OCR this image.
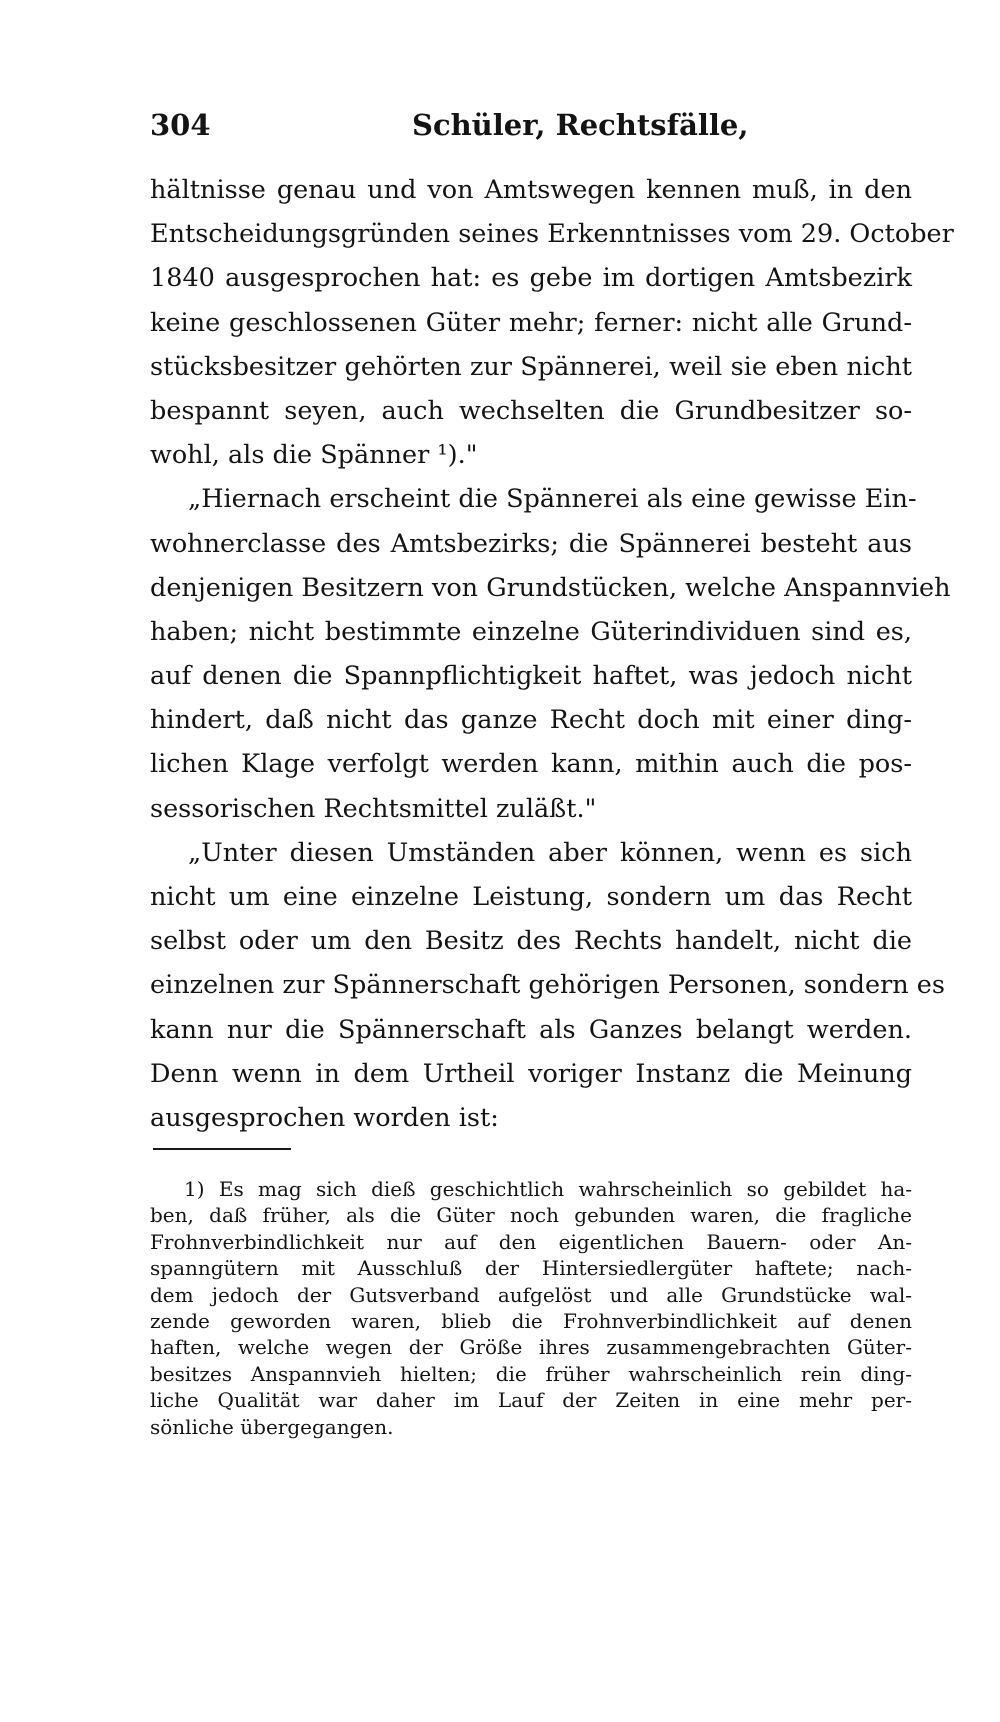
304	Schüler, Rechtsfälle,
hältnisse genau und von Amtswegen kennen muß, in den
Entscheidungsgründen seines Erkenntnisses vom 29. October
1840 ausgesprochen hat: es gebe im dortigen Amtsbezirk
keine geschlossenen Güter mehr; ferner: nicht alle Grund-
stücksbesitzer gehörten zur Spännerei, weil sie eben nicht
bespannt seyen, auch wechselten die Grundbesitzer so-
wohl, als die Spänner ¹)."
„Hiernach erscheint die Spännerei als eine gewisse Ein-
wohnerclasse des Amtsbezirks; die Spännerei besteht aus
denjenigen Besitzern von Grundstücken, welche Anspannvieh
haben; nicht bestimmte einzelne Güterindividuen sind es,
auf denen die Spannpflichtigkeit haftet, was jedoch nicht
hindert, daß nicht das ganze Recht doch mit einer ding-
lichen Klage verfolgt werden kann, mithin auch die pos-
sessorischen Rechtsmittel zuläßt."
„Unter diesen Umständen aber können, wenn es sich
nicht um eine einzelne Leistung, sondern um das Recht
selbst oder um den Besitz des Rechts handelt, nicht die
einzelnen zur Spännerschaft gehörigen Personen, sondern es
kann nur die Spännerschaft als Ganzes belangt werden.
Denn wenn in dem Urtheil voriger Instanz die Meinung
ausgesprochen worden ist:
1) Es mag sich dieß geschichtlich wahrscheinlich so gebildet ha-
ben, daß früher, als die Güter noch gebunden waren, die fragliche
Frohnverbindlichkeit nur auf den eigentlichen Bauern- oder An-
spanngütern mit Ausschluß der Hintersiedlergüter haftete; nach-
dem jedoch der Gutsverband aufgelöst und alle Grundstücke wal-
zende geworden waren, blieb die Frohnverbindlichkeit auf denen
haften, welche wegen der Größe ihres zusammengebrachten Güter-
besitzes Anspannvieh hielten; die früher wahrscheinlich rein ding-
liche Qualität war daher im Lauf der Zeiten in eine mehr per-
sönliche übergegangen.
